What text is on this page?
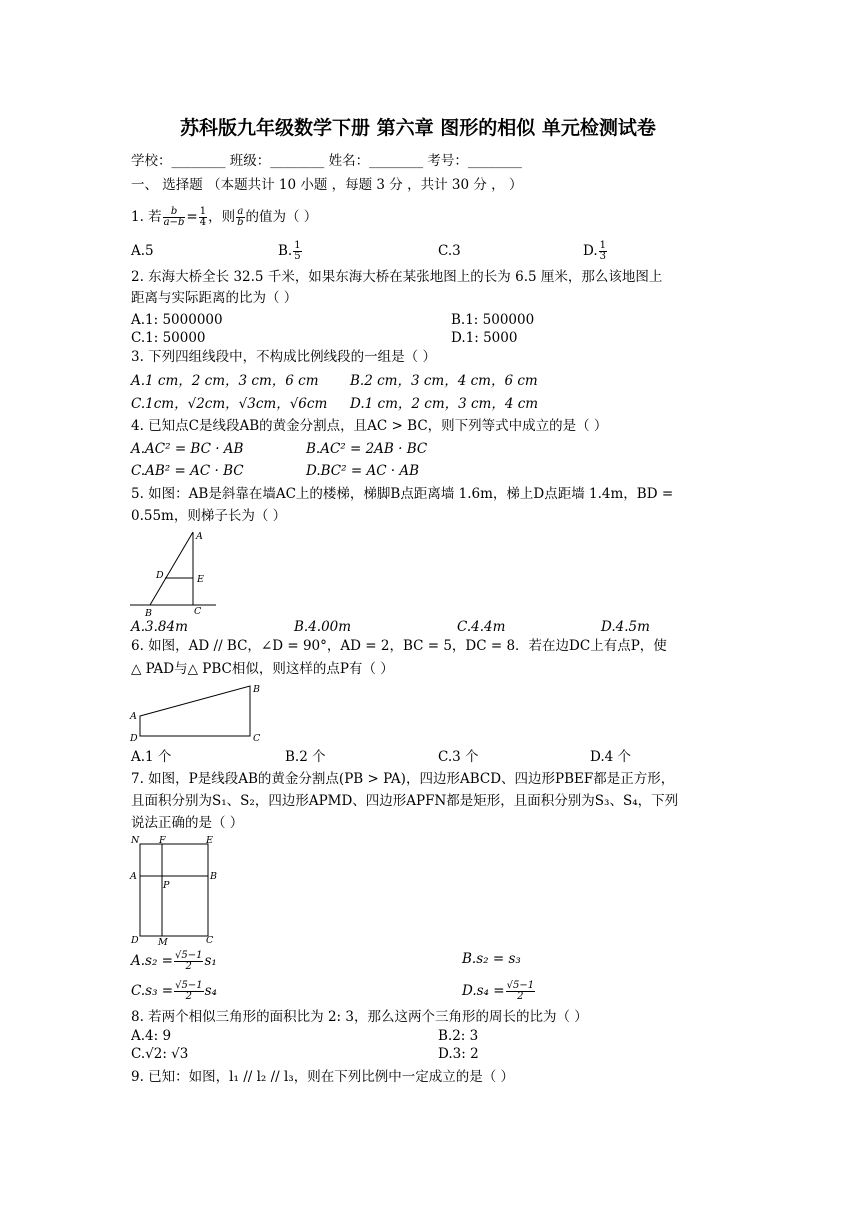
苏科版九年级数学下册 第六章 图形的相似 单元检测试卷
学校：________ 班级：________ 姓名：________ 考号：________
一、 选择题 （本题共计 10 小题 ，每题 3 分 ，共计 30 分 ， ）
1. 若 $\frac{b}{a-b} = \frac{1}{4}$ ，则 $\frac{a}{b}$ 的值为（ ）
A.5	B. $\frac{1}{5}$	C.3	D. $\frac{1}{3}$
2. 东海大桥全长 32.5 千米，如果东海大桥在某张地图上的长为 6.5 厘米，那么该地图上
距离与实际距离的比为（ ）
A.1: 5000000	B.1: 500000
C.1: 50000	D.1: 5000
3. 下列四组线段中，不构成比例线段的一组是（ ）
A.1 cm，2 cm，3 cm，6 cm B.2 cm，3 cm，4 cm，6 cm
C.1cm，√2cm，√3cm，√6cm D.1 cm，2 cm，3 cm，4 cm
4. 已知点C是线段AB的黄金分割点，且AC > BC，则下列等式中成立的是（ ）
A.AC² = BC · AB	B.AC² = 2AB · BC
C.AB² = AC · BC	D.BC² = AC · AB
5. 如图：AB是斜靠在墙AC上的楼梯，梯脚B点距离墙 1.6m，梯上D点距墙 1.4m，BD =
0.55m，则梯子长为（ ）
A
D	E
B	C
A.3.84m	B.4.00m	C.4.4m	D.4.5m
6. 如图，AD // BC，∠D = 90°，AD = 2，BC = 5，DC = 8．若在边DC上有点P，使
△ PAD与△ PBC相似，则这样的点P有（ ）
A
B
D	C
A.1 个	B.2 个	C.3 个	D.4 个
7. 如图，P是线段AB的黄金分割点(PB > PA)，四边形ABCD、四边形PBEF都是正方形，
且面积分别为S₁、S₂，四边形APMD、四边形APFN都是矩形，且面积分别为S₃、S₄，下列
说法正确的是（ ）
N F	E
A
P
B
D M	C
$A.s_2 = \frac{√5-1}{2} s_1$	B.s₂ = s₃
$C.s_3 = \frac{√5-1}{2} s_4$	$D.s_4 = \frac{√5-1}{2}$
8. 若两个相似三角形的面积比为 2: 3，那么这两个三角形的周长的比为（ ）
A.4: 9	B.2: 3
C.√2: √3	D.3: 2
9. 已知：如图，l₁ // l₂ // l₃，则在下列比例中一定成立的是（ ）
